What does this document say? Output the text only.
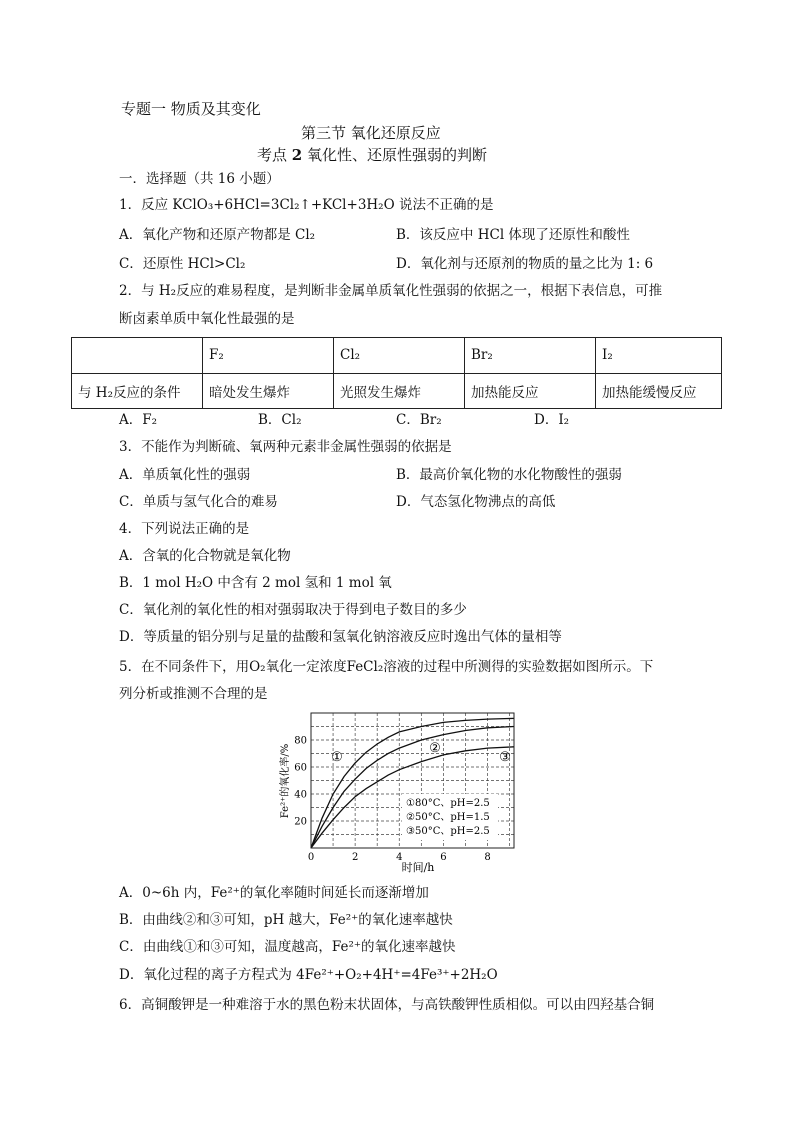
专题一 物质及其变化
第三节 氧化还原反应
考点 2 氧化性、还原性强弱的判断
一．选择题（共 16 小题）
1．反应 KClO₃+6HCl=3Cl₂↑+KCl+3H₂O 说法不正确的是
A．氧化产物和还原产物都是 Cl₂	B．该反应中 HCl 体现了还原性和酸性
C．还原性 HCl>Cl₂	D．氧化剂与还原剂的物质的量之比为 1: 6
2．与 H₂反应的难易程度，是判断非金属单质氧化性强弱的依据之一，根据下表信息，可推
断卤素单质中氧化性最强的是
	F₂	Cl₂	Br₂	I₂
与 H₂反应的条件	暗处发生爆炸	光照发生爆炸	加热能反应	加热能缓慢反应
A．F₂	B．Cl₂	C．Br₂	D．I₂
3．不能作为判断硫、氧两种元素非金属性强弱的依据是
A．单质氧化性的强弱	B．最高价氧化物的水化物酸性的强弱
C．单质与氢气化合的难易	D．气态氢化物沸点的高低
4．下列说法正确的是
A．含氧的化合物就是氧化物
B．1 mol H₂O 中含有 2 mol 氢和 1 mol 氧
C．氧化剂的氧化性的相对强弱取决于得到电子数目的多少
D．等质量的铝分别与足量的盐酸和氢氧化钠溶液反应时逸出气体的量相等
5．在不同条件下，用O₂氧化一定浓度FeCl₂溶液的过程中所测得的实验数据如图所示。下
列分析或推测不合理的是
0	2	4	6	8
20
40
60
80
时间/h
Fe²⁺的氧化率/%	①80°C、pH=2.5
②50°C、pH=1.5
③50°C、pH=2.5
①
②
③
A．0~6h 内，Fe²⁺的氧化率随时间延长而逐渐增加
B．由曲线②和③可知，pH 越大，Fe²⁺的氧化速率越快
C．由曲线①和③可知，温度越高，Fe²⁺的氧化速率越快
D．氧化过程的离子方程式为 4Fe²⁺+O₂+4H⁺=4Fe³⁺+2H₂O
6．高铜酸钾是一种难溶于水的黑色粉末状固体，与高铁酸钾性质相似。可以由四羟基合铜
